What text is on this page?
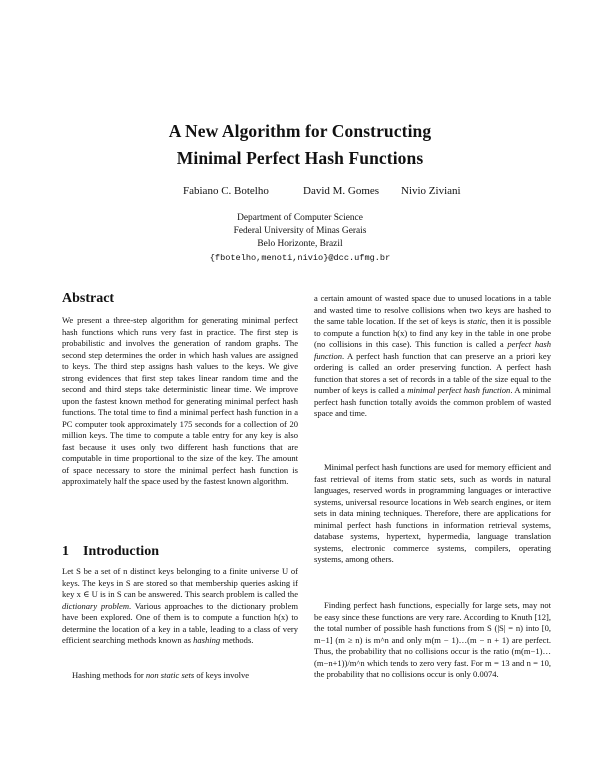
A New Algorithm for Constructing
Minimal Perfect Hash Functions
Fabiano C. Botelho	David M. Gomes Nivio Ziviani
Department of Computer Science
Federal University of Minas Gerais
Belo Horizonte, Brazil
{fbotelho,menoti,nivio}@dcc.ufmg.br
Abstract

We present a three-step algorithm for generating minimal perfect hash functions which runs very fast in practice. The first step is probabilistic and involves the generation of random graphs. The second step determines the order in which hash values are assigned to keys. The third step assigns hash values to the keys. We give strong evidences that first step takes linear random time and the second and third steps take deterministic linear time. We improve upon the fastest known method for generating minimal perfect hash functions. The total time to find a minimal perfect hash function in a PC computer took approximately 175 seconds for a collection of 20 million keys. The time to compute a table entry for any key is also fast because it uses only two different hash functions that are computable in time proportional to the size of the key. The amount of space necessary to store the minimal perfect hash function is approximately half the space used by the fastest known algorithm.

1 Introduction

Let S be a set of n distinct keys belonging to a finite universe U of keys. The keys in S are stored so that membership queries asking if key x ∈ U is in S can be answered. This search problem is called the dictionary problem. Various approaches to the dictionary problem have been explored. One of them is to compute a function h(x) to determine the location of a key in a table, leading to a class of very efficient searching methods known as hashing methods.

Hashing methods for non static sets of keys involve

a certain amount of wasted space due to unused locations in a table and wasted time to resolve collisions when two keys are hashed to the same table location. If the set of keys is static, then it is possible to compute a function h(x) to find any key in the table in one probe (no collisions in this case). This function is called a perfect hash function. A perfect hash function that can preserve an a priori key ordering is called an order preserving function. A perfect hash function that stores a set of records in a table of the size equal to the number of keys is called a minimal perfect hash function. A minimal perfect hash function totally avoids the common problem of wasted space and time.

Minimal perfect hash functions are used for memory efficient and fast retrieval of items from static sets, such as words in natural languages, reserved words in programming languages or interactive systems, universal resource locations in Web search engines, or item sets in data mining techniques. Therefore, there are applications for minimal perfect hash functions in information retrieval systems, database systems, hypertext, hypermedia, language translation systems, electronic commerce systems, compilers, operating systems, among others.

Finding perfect hash functions, especially for large sets, may not be easy since these functions are very rare. According to Knuth [12], the total number of possible hash functions from S (|S| = n) into [0, m−1] (m ≥ n) is m^n and only m(m − 1)…(m − n + 1) are perfect. Thus, the probability that no collisions occur is the ratio (m(m−1)…(m−n+1))/m^n which tends to zero very fast. For m = 13 and n = 10, the probability that no collisions occur is only 0.0074.
